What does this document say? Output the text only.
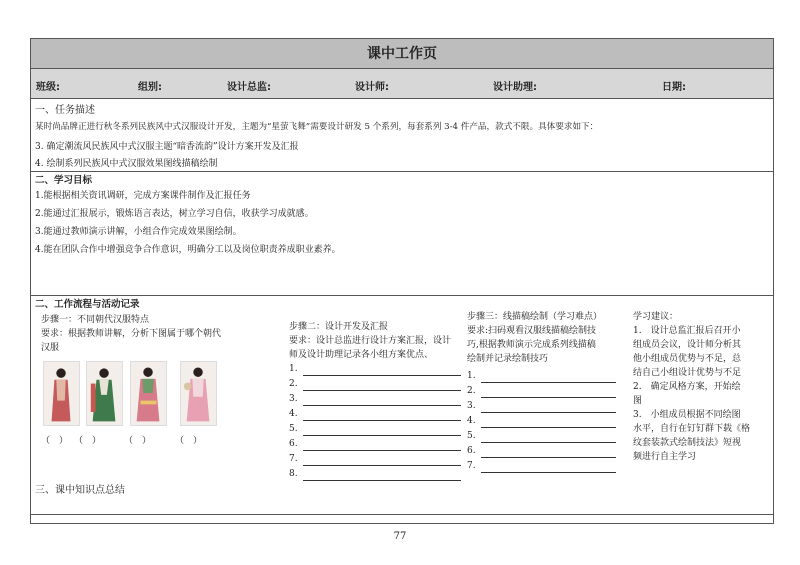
课中工作页
班级:	组别:	设计总监:	设计师:	设计助理:	日期:
一、任务描述
某时尚品牌正进行秋冬系列民族风中式汉服设计开发，主题为“星萤飞舞”需要设计研发 5 个系列，每套系列 3-4 件产品，款式不限。具体要求如下：
3. 确定潮流风民族风中式汉服主题“暗香流韵”设计方案开发及汇报
4. 绘制系列民族风中式汉服效果图线描稿绘制
二、学习目标
1.能根据相关资讯调研，完成方案课件制作及汇报任务
2.能通过汇报展示，锻炼语言表达，树立学习自信，收获学习成就感。
3.能通过教师演示讲解，小组合作完成效果图绘制。
4.能在团队合作中增强竞争合作意识，明确分工以及岗位职责养成职业素养。
二、工作流程与活动记录
步骤一：不同朝代汉服特点
要求：根据教师讲解，分析下图属于哪个朝代
汉服
（　） （　）	（　）	（　）
步骤二：设计开发及汇报
要求：设计总监进行设计方案汇报，设计
师及设计助理记录各小组方案优点、
1.
2.
3.
4.
5.
6.
7.
8.
步骤三：线描稿绘制（学习难点）
要求:扫码观看汉服线描稿绘制技
巧,根据教师演示完成系列线描稿
绘制并记录绘制技巧
1.
2.
3.
4.
5.
6.
7.
学习建议：
1.　设计总监汇报后召开小
组成员会议，设计师分析其
他小组成员优势与不足，总
结自己小组设计优势与不足
2.　确定风格方案，开始绘
图
3.　小组成员根据不同绘图
水平，自行在钉钉群下载《格
纹套装款式绘制技法》短视
频进行自主学习
三、课中知识点总结
77
